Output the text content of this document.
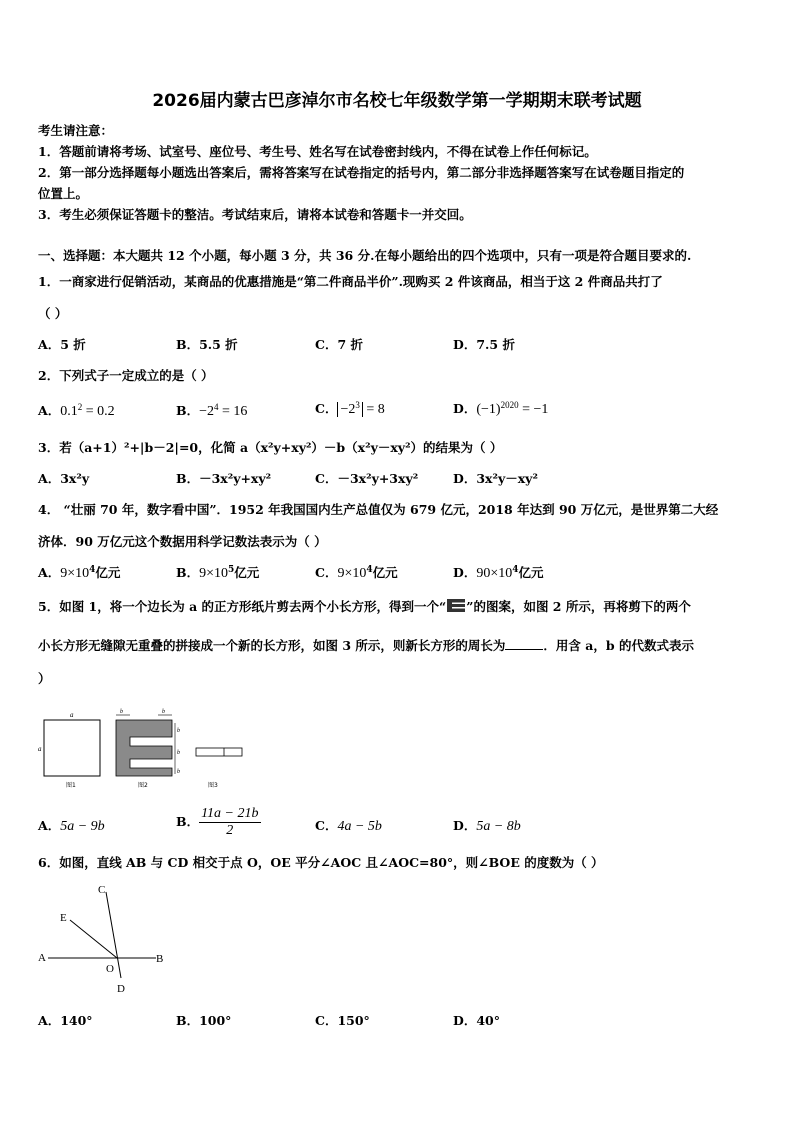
2026届内蒙古巴彦淖尔市名校七年级数学第一学期期末联考试题
考生请注意：
1．答题前请将考场、试室号、座位号、考生号、姓名写在试卷密封线内，不得在试卷上作任何标记。
2．第一部分选择题每小题选出答案后，需将答案写在试卷指定的括号内，第二部分非选择题答案写在试卷题目指定的
位置上。
3．考生必须保证答题卡的整洁。考试结束后，请将本试卷和答题卡一并交回。
一、选择题：本大题共 12 个小题，每小题 3 分，共 36 分.在每小题给出的四个选项中，只有一项是符合题目要求的.
1．一商家进行促销活动，某商品的优惠措施是“第二件商品半价”.现购买 2 件该商品，相当于这 2 件商品共打了
（ ）
A．5 折	B．5.5 折	C．7 折	D．7.5 折
2．下列式子一定成立的是（ ）
A．$0.1^2 = 0.2$	B．$-2^4 = 16$	C． $-2^3 = 8$	D．$(-1)^{2020} = -1$
3．若（a+1）²+|b－2|=0，化简 a（x²y+xy²）－b（x²y－xy²）的结果为（ ）
A．3x²y	B．－3x²y+xy²	C．－3x²y+3xy²	D．3x²y－xy²
4． “壮丽 70 年，数字看中国”．1952 年我国国内生产总值仅为 679 亿元，2018 年达到 90 万亿元，是世界第二大经
济体．90 万亿元这个数据用科学记数法表示为（ ）
A．$9\times 10^4$亿元	B．$9\times 10^5$亿元	C．$9\times 10^4$亿元	D．$90\times 10^4$亿元
5．如图 1，将一个边长为 a 的正方形纸片剪去两个小长方形，得到一个“ ”的图案，如图 2 所示，再将剪下的两个
小长方形无缝隙无重叠的拼接成一个新的长方形，如图 3 所示，则新长方形的周长为	．用含 a，b 的代数式表示
）
a
a
图1
b	b
b
b
b
图2	图3
A．5a − 9b	B． $\frac{11a - 21b}{2}$	C．4a − 5b	D．5a − 8b
6．如图，直线 AB 与 CD 相交于点 O，OE 平分∠AOC 且∠AOC=80°，则∠BOE 的度数为（ ）
A	B
C
D
E
O
A．140°	B．100°	C．150°	D．40°
